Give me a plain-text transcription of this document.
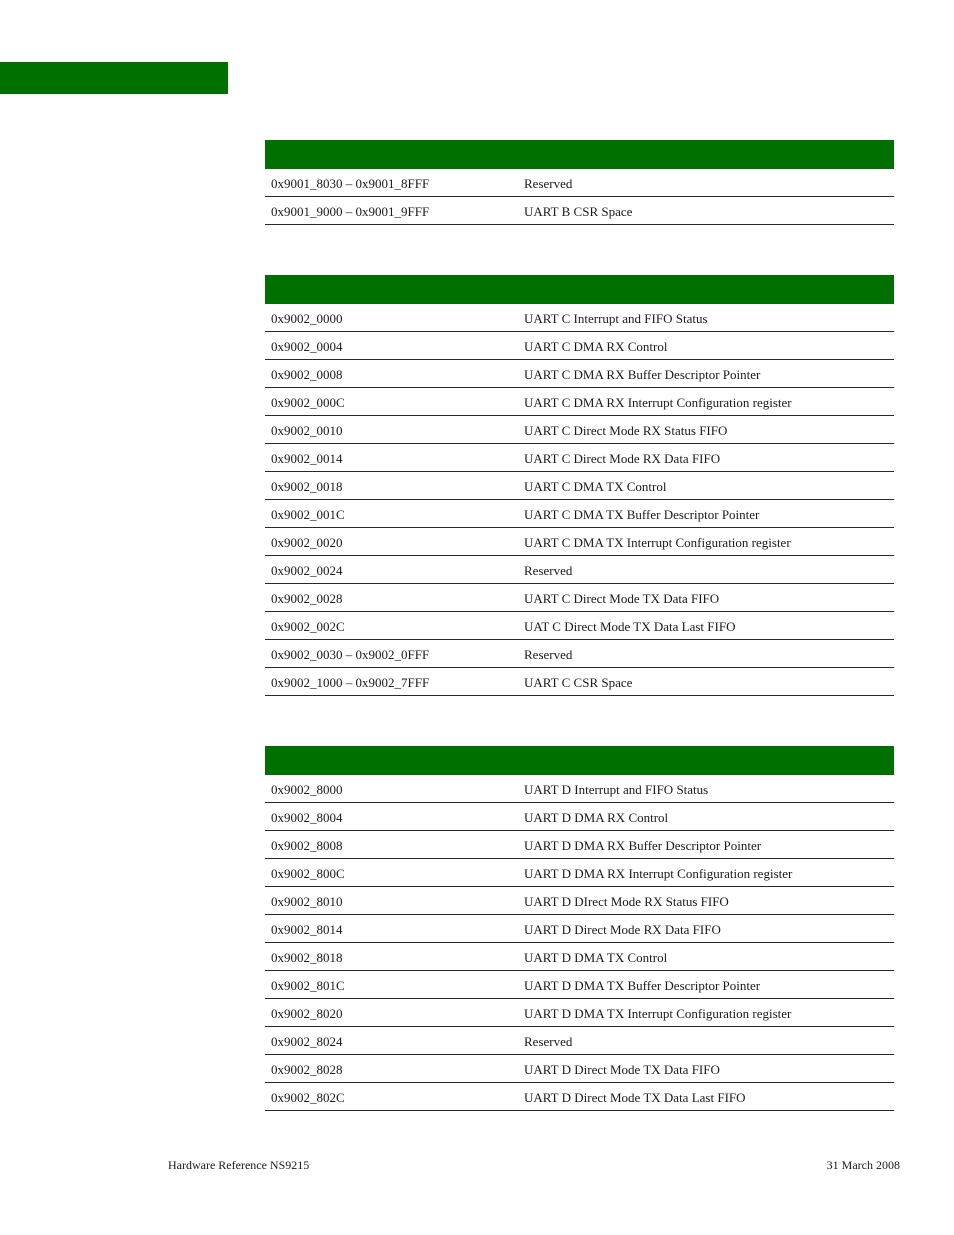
0x9001_8030 – 0x9001_8FFF	Reserved
0x9001_9000 – 0x9001_9FFF	UART B CSR Space
0x9002_0000	UART C Interrupt and FIFO Status
0x9002_0004	UART C DMA RX Control
0x9002_0008	UART C DMA RX Buffer Descriptor Pointer
0x9002_000C	UART C DMA RX Interrupt Configuration register
0x9002_0010	UART C Direct Mode RX Status FIFO
0x9002_0014	UART C Direct Mode RX Data FIFO
0x9002_0018	UART C DMA TX Control
0x9002_001C	UART C DMA TX Buffer Descriptor Pointer
0x9002_0020	UART C DMA TX Interrupt Configuration register
0x9002_0024	Reserved
0x9002_0028	UART C Direct Mode TX Data FIFO
0x9002_002C	UAT C Direct Mode TX Data Last FIFO
0x9002_0030 – 0x9002_0FFF	Reserved
0x9002_1000 – 0x9002_7FFF	UART C CSR Space
0x9002_8000	UART D Interrupt and FIFO Status
0x9002_8004	UART D DMA RX Control
0x9002_8008	UART D DMA RX Buffer Descriptor Pointer
0x9002_800C	UART D DMA RX Interrupt Configuration register
0x9002_8010	UART D DIrect Mode RX Status FIFO
0x9002_8014	UART D Direct Mode RX Data FIFO
0x9002_8018	UART D DMA TX Control
0x9002_801C	UART D DMA TX Buffer Descriptor Pointer
0x9002_8020	UART D DMA TX Interrupt Configuration register
0x9002_8024	Reserved
0x9002_8028	UART D Direct Mode TX Data FIFO
0x9002_802C	UART D Direct Mode TX Data Last FIFO
Hardware Reference NS9215	31 March 2008
